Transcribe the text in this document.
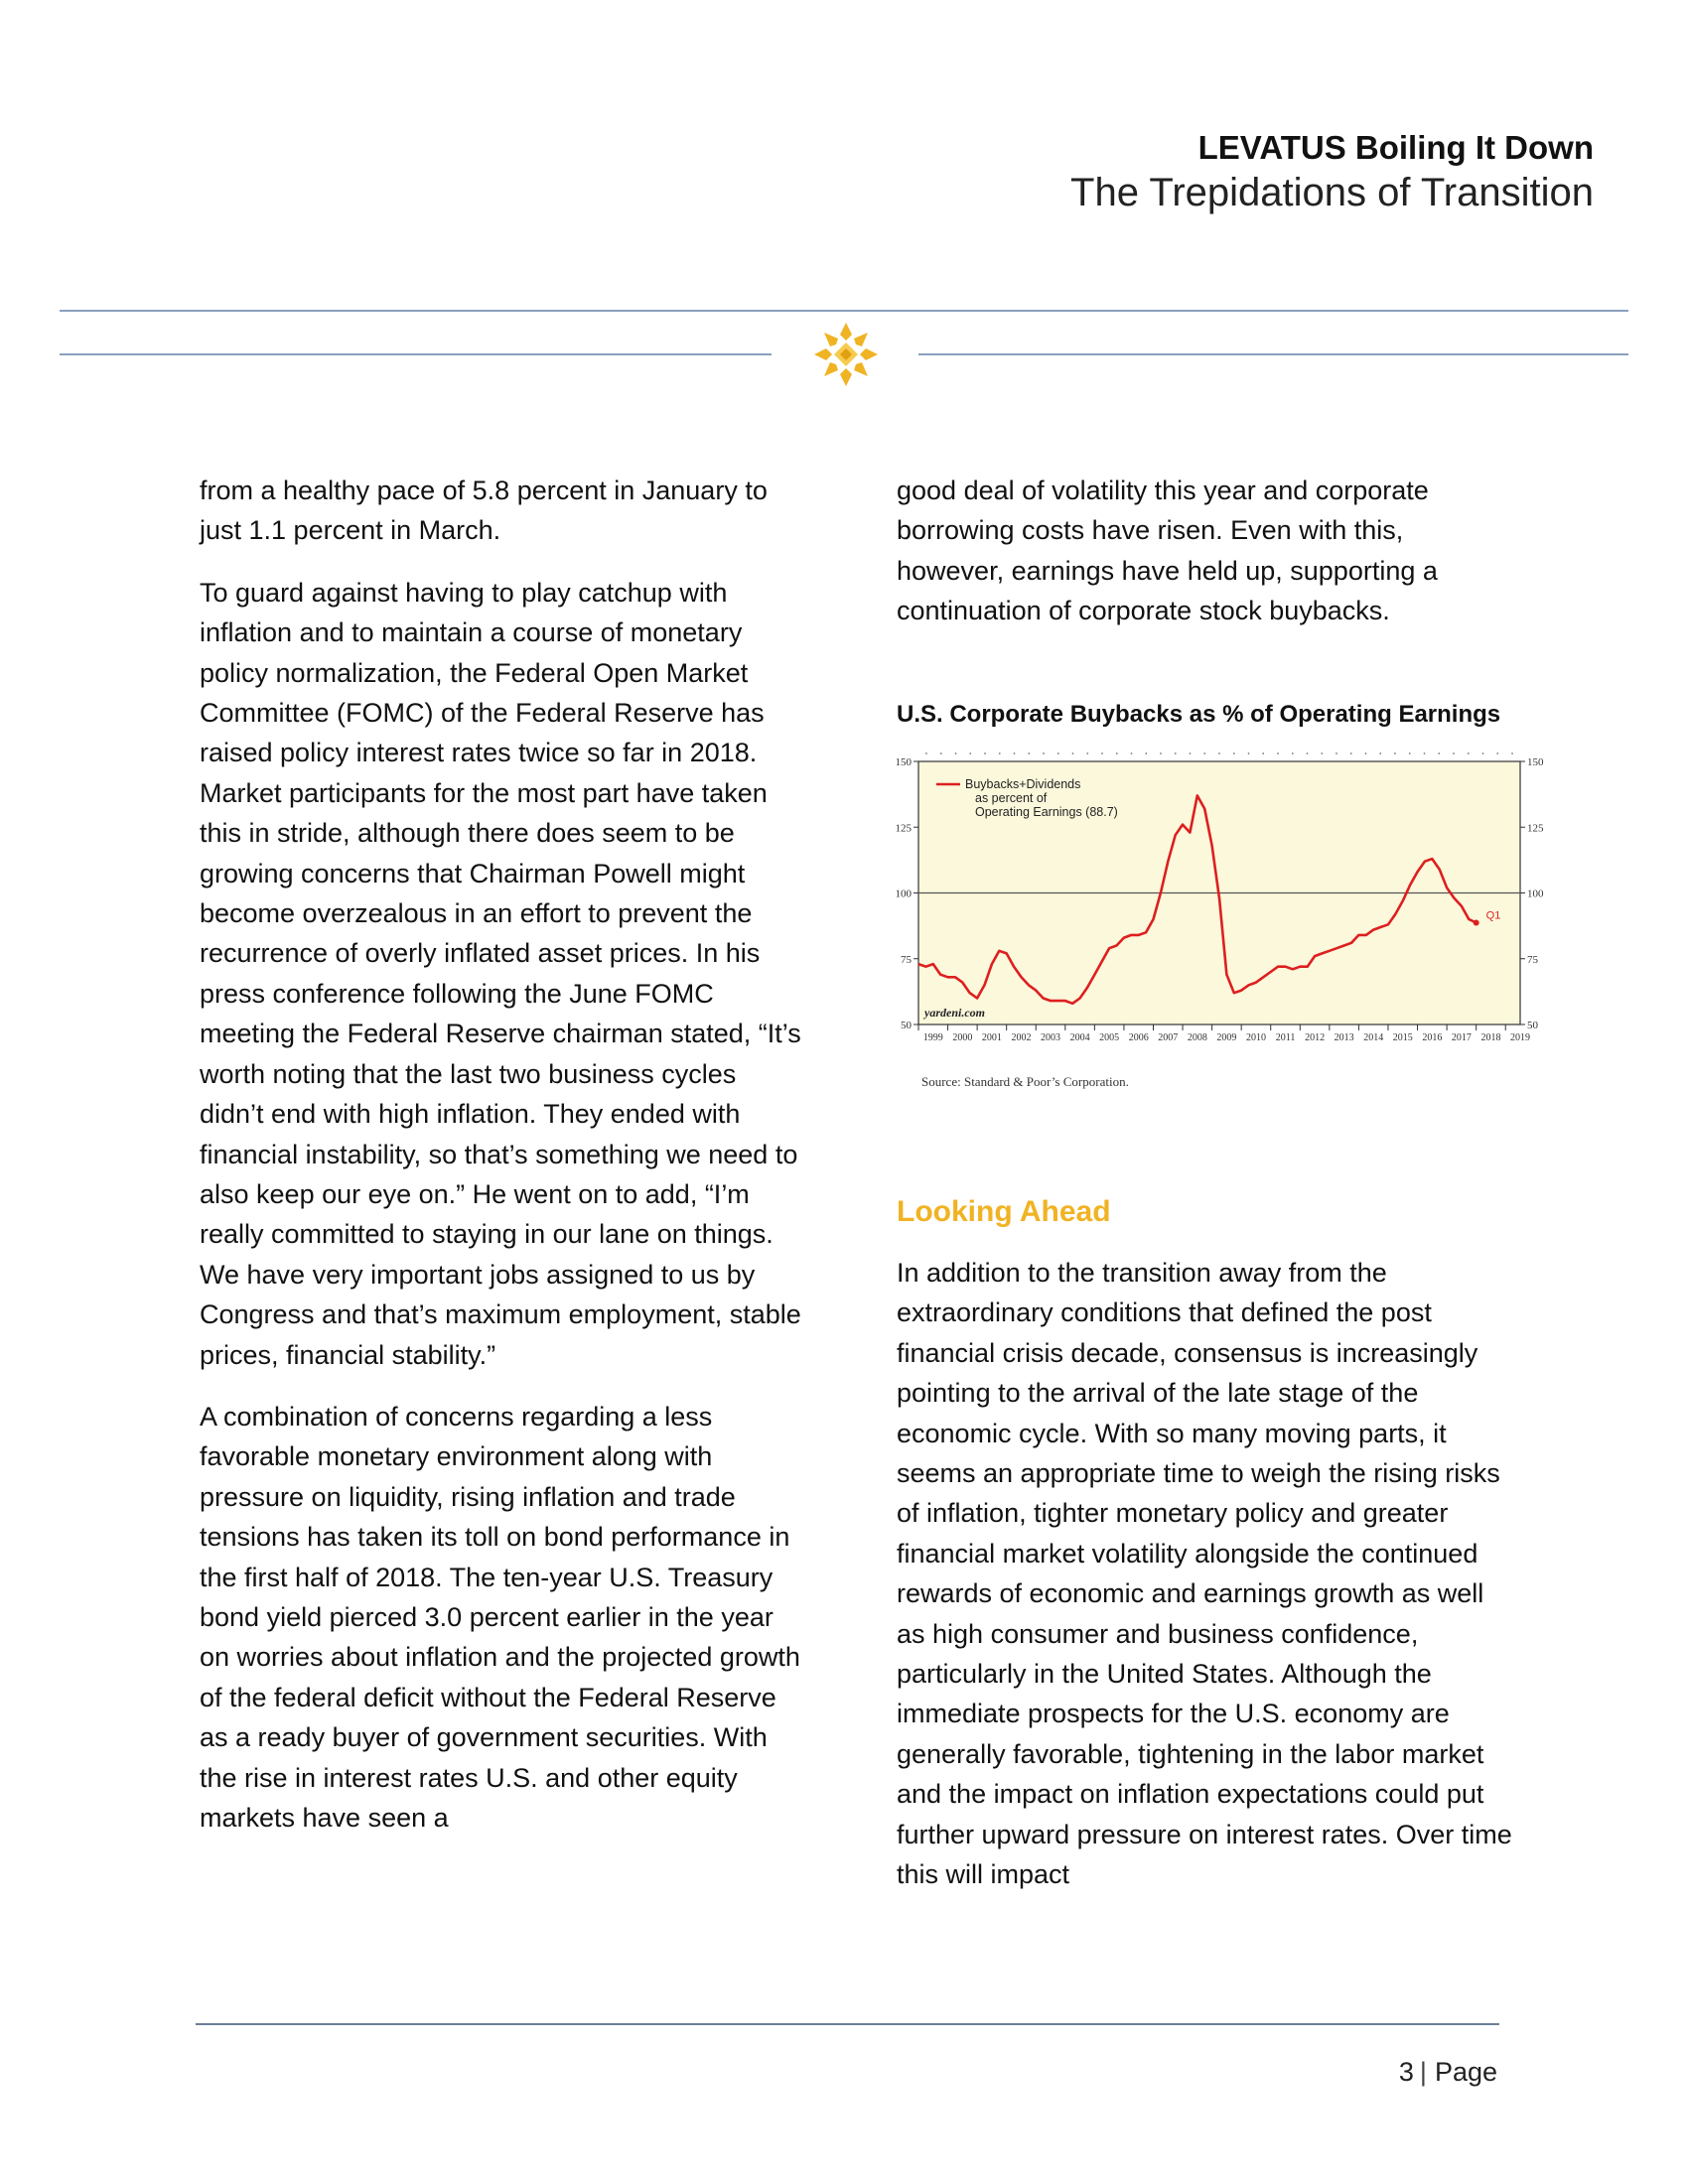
LEVATUS Boiling It Down
The Trepidations of Transition

from a healthy pace of 5.8 percent in January to just 1.1 percent in March.

To guard against having to play catchup with inflation and to maintain a course of monetary policy normalization, the Federal Open Market Committee (FOMC) of the Federal Reserve has raised policy interest rates twice so far in 2018. Market participants for the most part have taken this in stride, although there does seem to be growing concerns that Chairman Powell might become overzealous in an effort to prevent the recurrence of overly inflated asset prices. In his press conference following the June FOMC meeting the Federal Reserve chairman stated, “It’s worth noting that the last two business cycles didn’t end with high inflation. They ended with financial instability, so that’s something we need to also keep our eye on.” He went on to add, “I’m really committed to staying in our lane on things. We have very important jobs assigned to us by Congress and that’s maximum employment, stable prices, financial stability.”

A combination of concerns regarding a less favorable monetary environment along with pressure on liquidity, rising inflation and trade tensions has taken its toll on bond performance in the first half of 2018. The ten-year U.S. Treasury bond yield pierced 3.0 percent earlier in the year on worries about inflation and the projected growth of the federal deficit without the Federal Reserve as a ready buyer of government securities. With the rise in interest rates U.S. and other equity markets have seen a

good deal of volatility this year and corporate borrowing costs have risen. Even with this, however, earnings have held up, supporting a continuation of corporate stock buybacks.

U.S. Corporate Buybacks as % of Operating Earnings
50	50
75	75
100	100
125	125
150	150
1999 2000 2001 2002 2003 2004 2005 2006 2007 2008 2009 2010 2011 2012 2013 2014 2015 2016 2017 2018 2019
Q1
Buybacks+Dividends
as percent of
Operating Earnings (88.7)
yardeni.com
Source: Standard & Poor’s Corporation.
Looking Ahead

In addition to the transition away from the extraordinary conditions that defined the post financial crisis decade, consensus is increasingly pointing to the arrival of the late stage of the economic cycle. With so many moving parts, it seems an appropriate time to weigh the rising risks of inflation, tighter monetary policy and greater financial market volatility alongside the continued rewards of economic and earnings growth as well as high consumer and business confidence, particularly in the United States. Although the immediate prospects for the U.S. economy are generally favorable, tightening in the labor market and the impact on inflation expectations could put further upward pressure on interest rates. Over time this will impact

3 | Page
